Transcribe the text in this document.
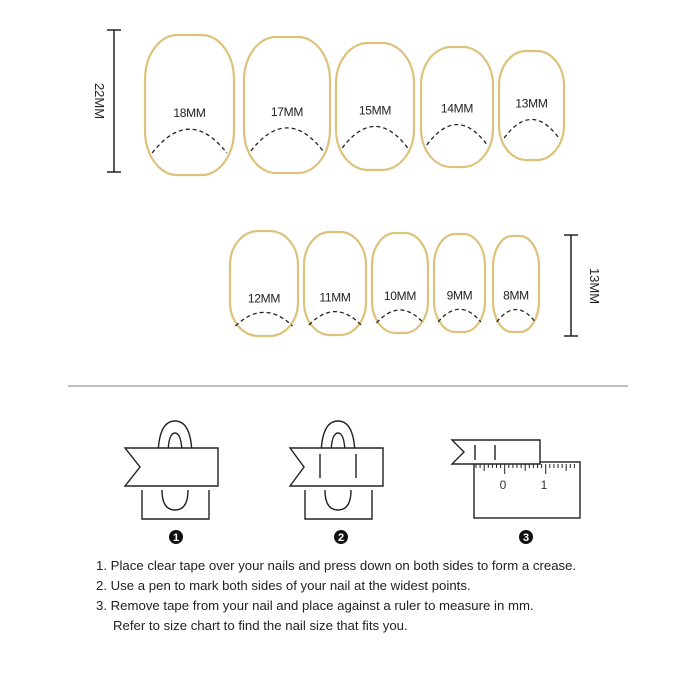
22MM
13MM
18MM	17MM	15MM	14MM	13MM
12MM	11MM	10MM	9MM	8MM
1	2
0	1
3

1. Place clear tape over your nails and press down on both sides to form a crease.

2. Use a pen to mark both sides of your nail at the widest points.

3. Remove tape from your nail and place against a ruler to measure in mm.

Refer to size chart to find the nail size that fits you.
